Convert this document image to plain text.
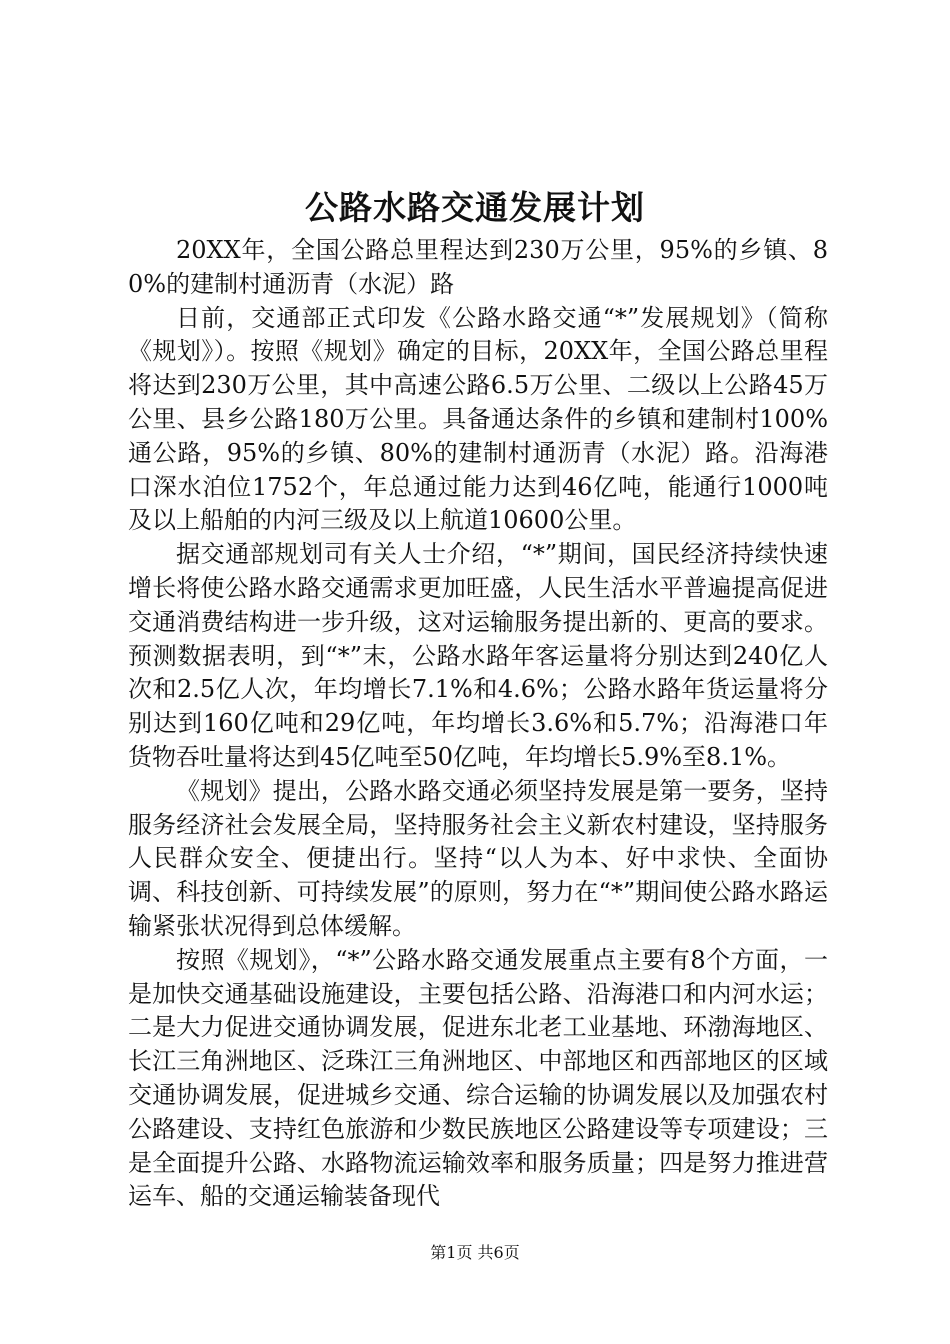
公路水路交通发展计划

20XX年，全国公路总里程达到230万公里，95%的乡镇、80%的建制村通沥青（水泥）路

日前，交通部正式印发《公路水路交通“*”发展规划》（简称《规划》）。按照《规划》确定的目标，20XX年，全国公路总里程将达到230万公里，其中高速公路6.5万公里、二级以上公路45万公里、县乡公路180万公里。具备通达条件的乡镇和建制村100%通公路，95%的乡镇、80%的建制村通沥青（水泥）路。沿海港口深水泊位1752个，年总通过能力达到46亿吨，能通行1000吨及以上船舶的内河三级及以上航道10600公里。

据交通部规划司有关人士介绍，“*”期间，国民经济持续快速增长将使公路水路交通需求更加旺盛，人民生活水平普遍提高促进交通消费结构进一步升级，这对运输服务提出新的、更高的要求。预测数据表明，到“*”末，公路水路年客运量将分别达到240亿人次和2.5亿人次，年均增长7.1%和4.6%；公路水路年货运量将分别达到160亿吨和29亿吨，年均增长3.6%和5.7%；沿海港口年货物吞吐量将达到45亿吨至50亿吨，年均增长5.9%至8.1%。

《规划》提出，公路水路交通必须坚持发展是第一要务，坚持服务经济社会发展全局，坚持服务社会主义新农村建设，坚持服务人民群众安全、便捷出行。坚持“以人为本、好中求快、全面协调、科技创新、可持续发展”的原则，努力在“*”期间使公路水路运输紧张状况得到总体缓解。

按照《规划》，“*”公路水路交通发展重点主要有8个方面，一是加快交通基础设施建设，主要包括公路、沿海港口和内河水运；二是大力促进交通协调发展，促进东北老工业基地、环渤海地区、长江三角洲地区、泛珠江三角洲地区、中部地区和西部地区的区域交通协调发展，促进城乡交通、综合运输的协调发展以及加强农村公路建设、支持红色旅游和少数民族地区公路建设等专项建设；三是全面提升公路、水路物流运输效率和服务质量；四是努力推进营运车、船的交通运输装备现代

第1页 共6页
